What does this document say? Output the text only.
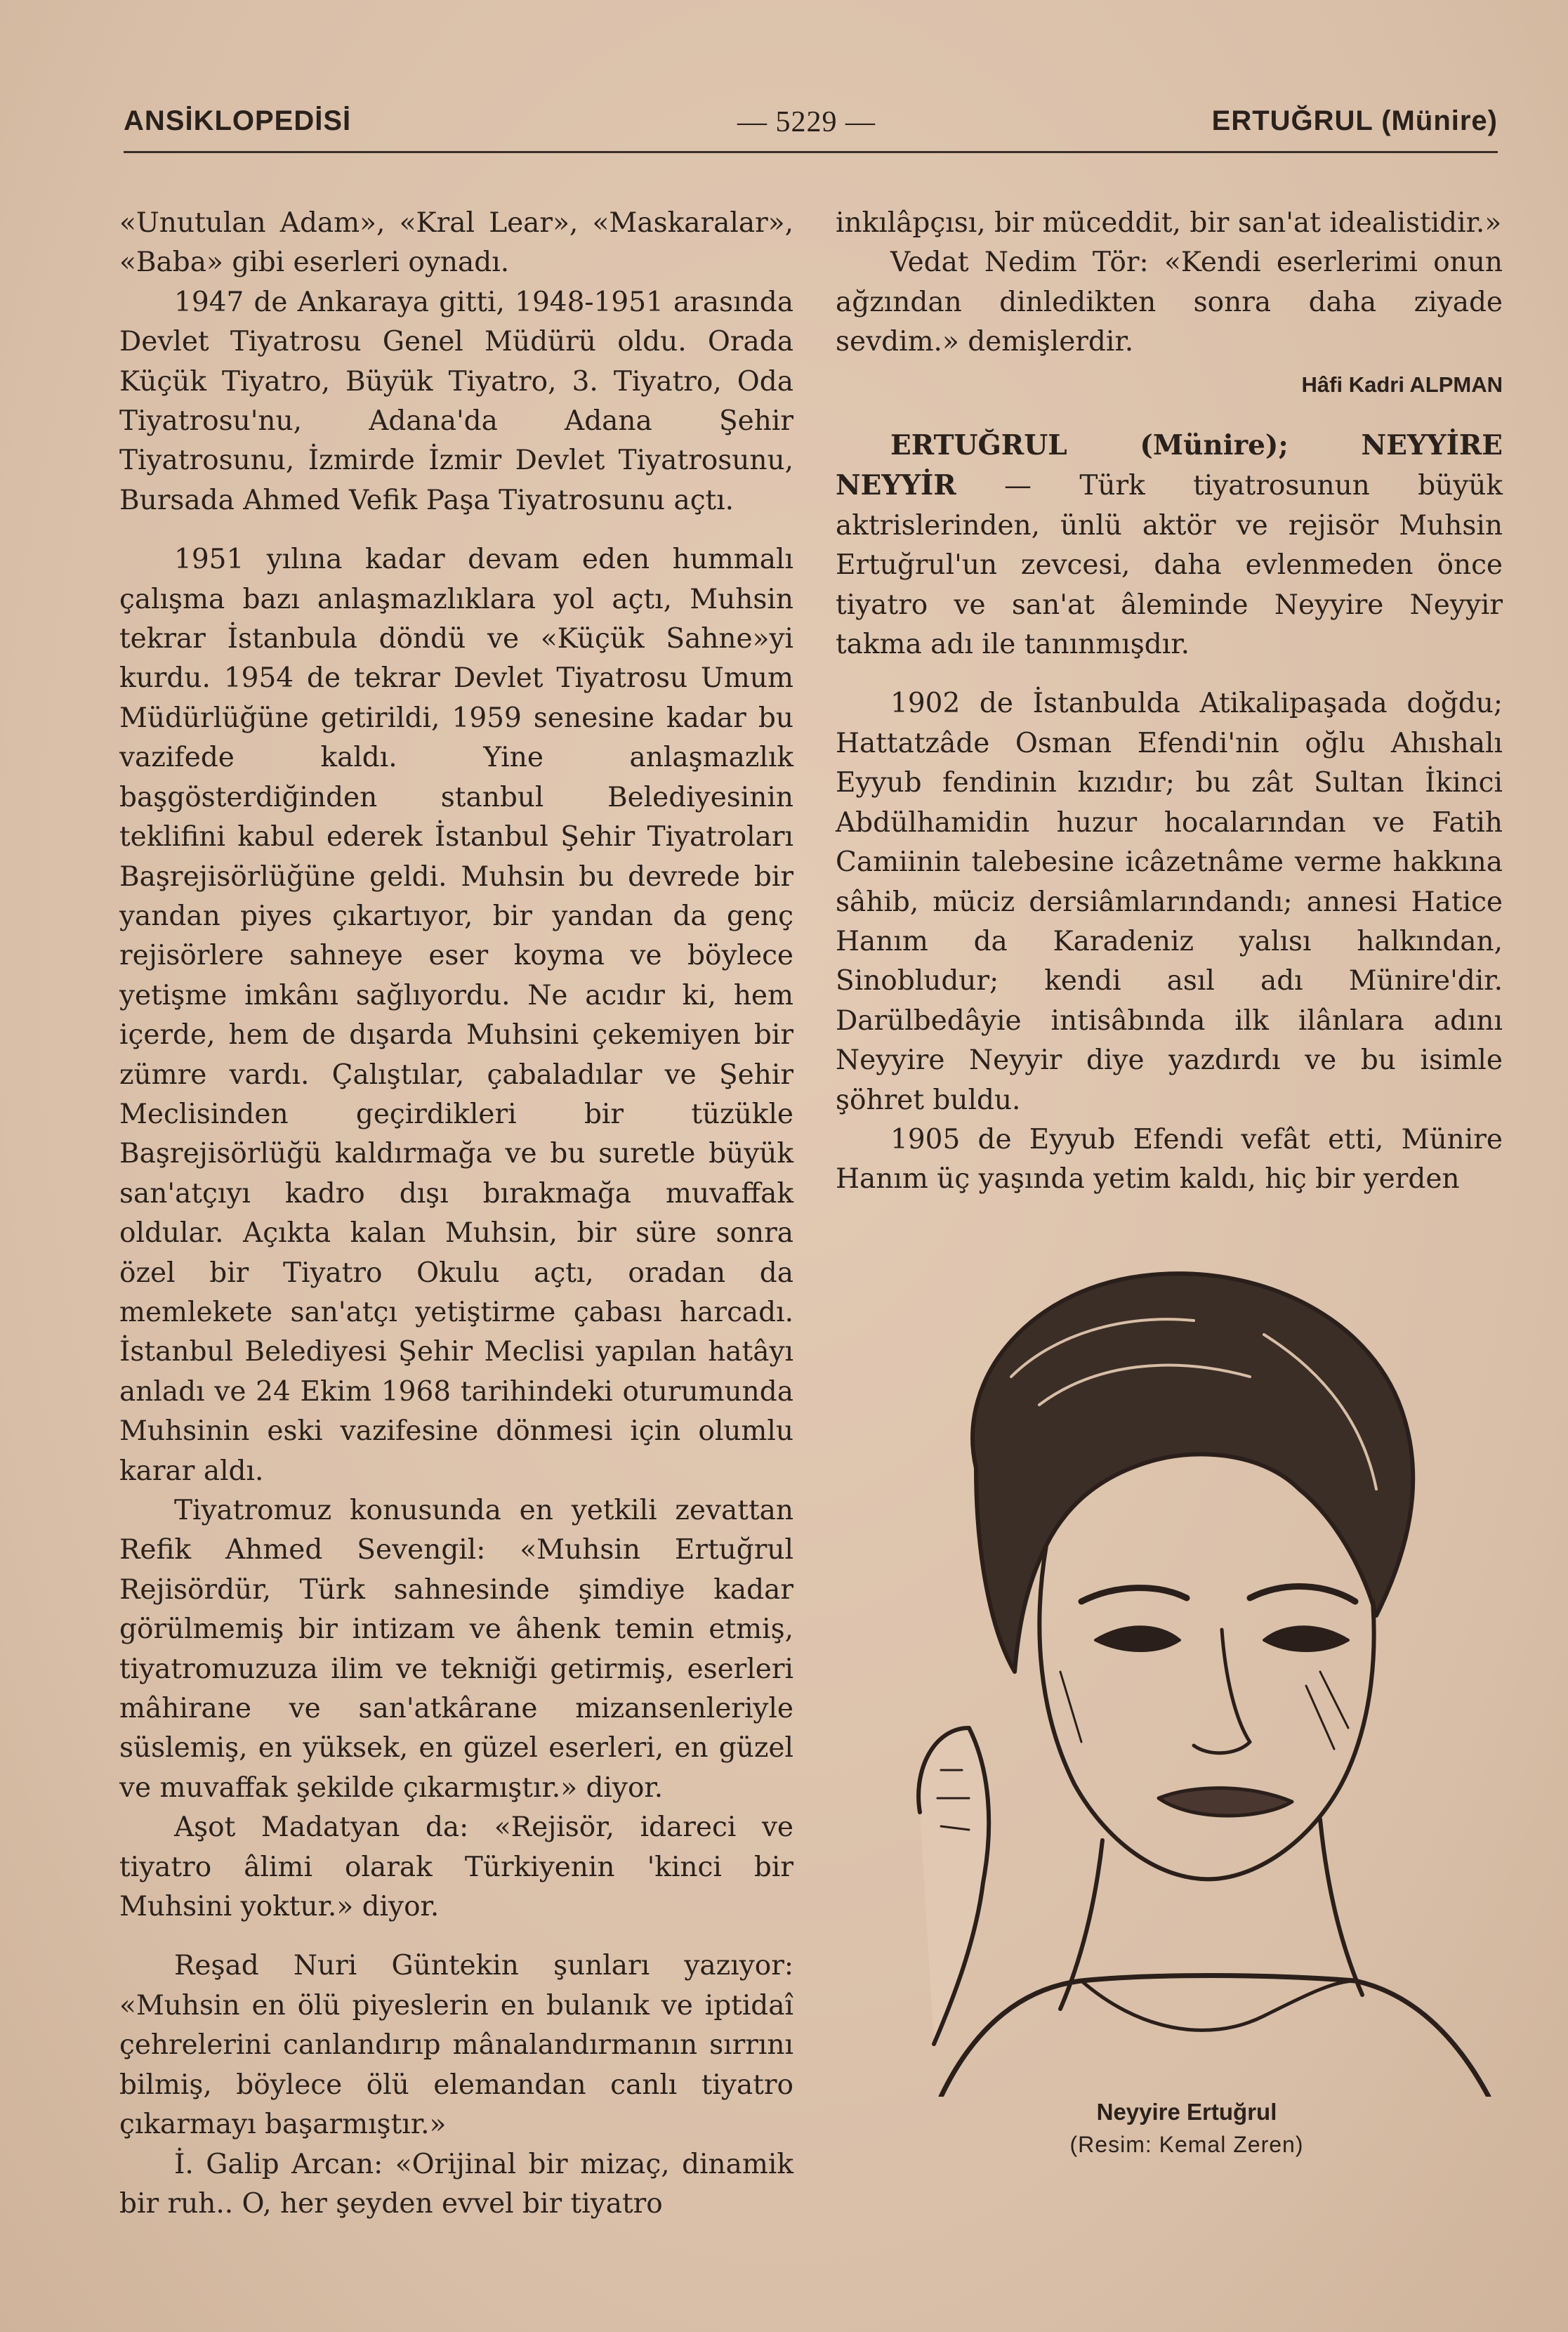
ANSİKLOPEDİSİ	— 5229 —	ERTUĞRUL (Münire)

«Unutulan Adam», «Kral Lear», «Maskaralar», «Baba» gibi eserleri oynadı.

1947 de Ankaraya gitti, 1948-1951 arasında Devlet Tiyatrosu Genel Müdürü oldu. Orada Küçük Tiyatro, Büyük Tiyatro, 3. Tiyatro, Oda Tiyatrosu'nu, Adana'da Adana Şehir Tiyatrosunu, İzmirde İzmir Devlet Tiyatrosunu, Bursada Ahmed Vefik Paşa Tiyatrosunu açtı.

1951 yılına kadar devam eden hummalı çalışma bazı anlaşmazlıklara yol açtı, Muhsin tekrar İstanbula döndü ve «Küçük Sahne»yi kurdu. 1954 de tekrar Devlet Tiyatrosu Umum Müdürlüğüne getirildi, 1959 senesine kadar bu vazifede kaldı. Yine anlaşmazlık başgösterdiğinden stanbul Belediyesinin teklifini kabul ederek İstanbul Şehir Tiyatroları Başrejisörlüğüne geldi. Muhsin bu devrede bir yandan piyes çıkartıyor, bir yandan da genç rejisörlere sahneye eser koyma ve böylece yetişme imkânı sağlıyordu. Ne acıdır ki, hem içerde, hem de dışarda Muhsini çekemiyen bir zümre vardı. Çalıştılar, çabaladılar ve Şehir Meclisinden geçirdikleri bir tüzükle Başrejisörlüğü kaldırmağa ve bu suretle büyük san'atçıyı kadro dışı bırakmağa muvaffak oldular. Açıkta kalan Muhsin, bir süre sonra özel bir Tiyatro Okulu açtı, oradan da memlekete san'atçı yetiştirme çabası harcadı. İstanbul Belediyesi Şehir Meclisi yapılan hatâyı anladı ve 24 Ekim 1968 tarihindeki oturumunda Muhsinin eski vazifesine dönmesi için olumlu karar aldı.

Tiyatromuz konusunda en yetkili zevattan Refik Ahmed Sevengil: «Muhsin Ertuğrul Rejisördür, Türk sahnesinde şimdiye kadar görülmemiş bir intizam ve âhenk temin etmiş, tiyatromuzuza ilim ve tekniği getirmiş, eserleri mâhirane ve san'atkârane mizansenleriyle süslemiş, en yüksek, en güzel eserleri, en güzel ve muvaffak şekilde çıkarmıştır.» diyor.

Aşot Madatyan da: «Rejisör, idareci ve tiyatro âlimi olarak Türkiyenin 'kinci bir Muhsini yoktur.» diyor.

Reşad Nuri Güntekin şunları yazıyor: «Muhsin en ölü piyeslerin en bulanık ve iptidaî çehrelerini canlandırıp mânalandırmanın sırrını bilmiş, böylece ölü elemandan canlı tiyatro çıkarmayı başarmıştır.»

İ. Galip Arcan: «Orijinal bir mizaç, dinamik bir ruh.. O, her şeyden evvel bir tiyatro

inkılâpçısı, bir müceddit, bir san'at idealistidir.»

Vedat Nedim Tör: «Kendi eserlerimi onun ağzından dinledikten sonra daha ziyade sevdim.» demişlerdir.

Hâfi Kadri ALPMAN

ERTUĞRUL (Münire); NEYYİRE NEYYİR — Türk tiyatrosunun büyük aktrislerinden, ünlü aktör ve rejisör Muhsin Ertuğrul'un zevcesi, daha evlenmeden önce tiyatro ve san'at âleminde Neyyire Neyyir takma adı ile tanınmışdır.

1902 de İstanbulda Atikalipaşada doğdu; Hattatzâde Osman Efendi'nin oğlu Ahıshalı Eyyub fendinin kızıdır; bu zât Sultan İkinci Abdülhamidin huzur hocalarından ve Fatih Camiinin talebesine icâzetnâme verme hakkına sâhib, müciz dersiâmlarındandı; annesi Hatice Hanım da Karadeniz yalısı halkından, Sinobludur; kendi asıl adı Münire'dir. Darülbedâyie intisâbında ilk ilânlara adını Neyyire Neyyir diye yazdırdı ve bu isimle şöhret buldu.

1905 de Eyyub Efendi vefât etti, Münire Hanım üç yaşında yetim kaldı, hiç bir yerden

Neyyire Ertuğrul
(Resim: Kemal Zeren)
